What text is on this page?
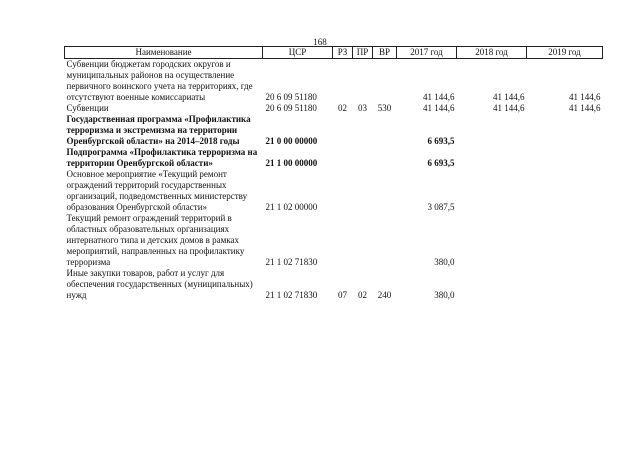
168
Наименование	ЦСР	РЗ	ПР	ВР	2017 год	2018 год	2019 год
Субвенции бюджетам городских округов и муниципальных районов на осуществление первичного воинского учета на территориях, где отсутствуют военные комиссариаты	20 6 09 51180				41 144,6	41 144,6	41 144,6
Субвенции	20 6 09 51180	02	03	530	41 144,6	41 144,6	41 144,6
Государственная программа «Профилактика терроризма и экстремизма на территории Оренбургской области» на 2014–2018 годы	21 0 00 00000				6 693,5		
Подпрограмма «Профилактика терроризма на территории Оренбургской области»	21 1 00 00000				6 693,5		
Основное мероприятие «Текущий ремонт ограждений территорий государственных организаций, подведомственных министерству образования Оренбургской области»	21 1 02 00000				3 087,5		
Текущий ремонт ограждений территорий в областных образовательных организациях интернатного типа и детских домов в рамках мероприятий, направленных на профилактику терроризма	21 1 02 71830				380,0		
Иные закупки товаров, работ и услуг для обеспечения государственных (муниципальных) нужд	21 1 02 71830	07	02	240	380,0		
